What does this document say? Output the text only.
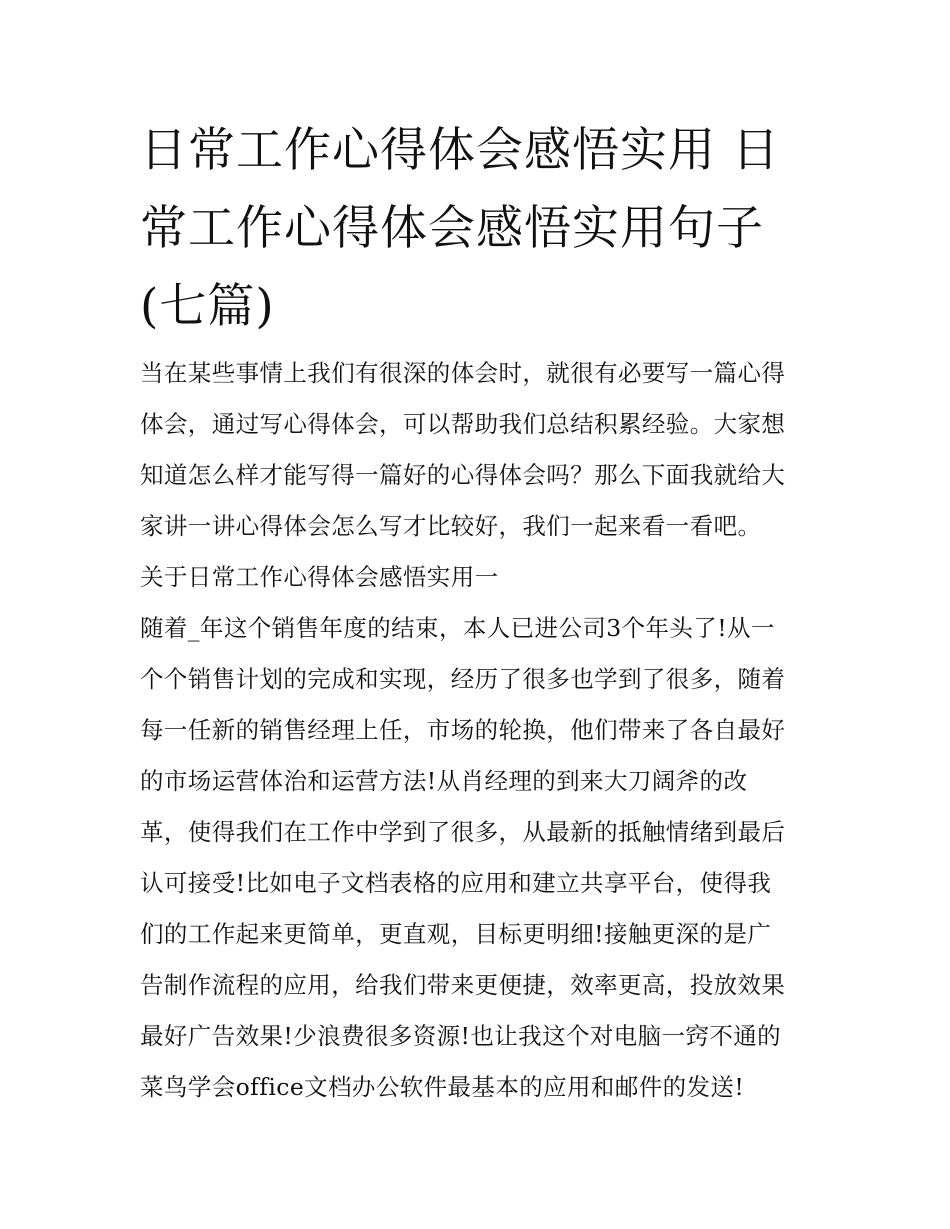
日常工作心得体会感悟实用 日
常工作心得体会感悟实用句子
(七篇)
当在某些事情上我们有很深的体会时，就很有必要写一篇心得
体会，通过写心得体会，可以帮助我们总结积累经验。大家想
知道怎么样才能写得一篇好的心得体会吗？那么下面我就给大
家讲一讲心得体会怎么写才比较好，我们一起来看一看吧。
关于日常工作心得体会感悟实用一
随着_年这个销售年度的结束，本人已进公司3个年头了!从一
个个销售计划的完成和实现，经历了很多也学到了很多，随着
每一任新的销售经理上任，市场的轮换，他们带来了各自最好
的市场运营体治和运营方法!从肖经理的到来大刀阔斧的改
革，使得我们在工作中学到了很多，从最新的抵触情绪到最后
认可接受!比如电子文档表格的应用和建立共享平台，使得我
们的工作起来更简单，更直观，目标更明细!接触更深的是广
告制作流程的应用，给我们带来更便捷，效率更高，投放效果
最好广告效果!少浪费很多资源!也让我这个对电脑一窍不通的
菜鸟学会office文档办公软件最基本的应用和邮件的发送!
